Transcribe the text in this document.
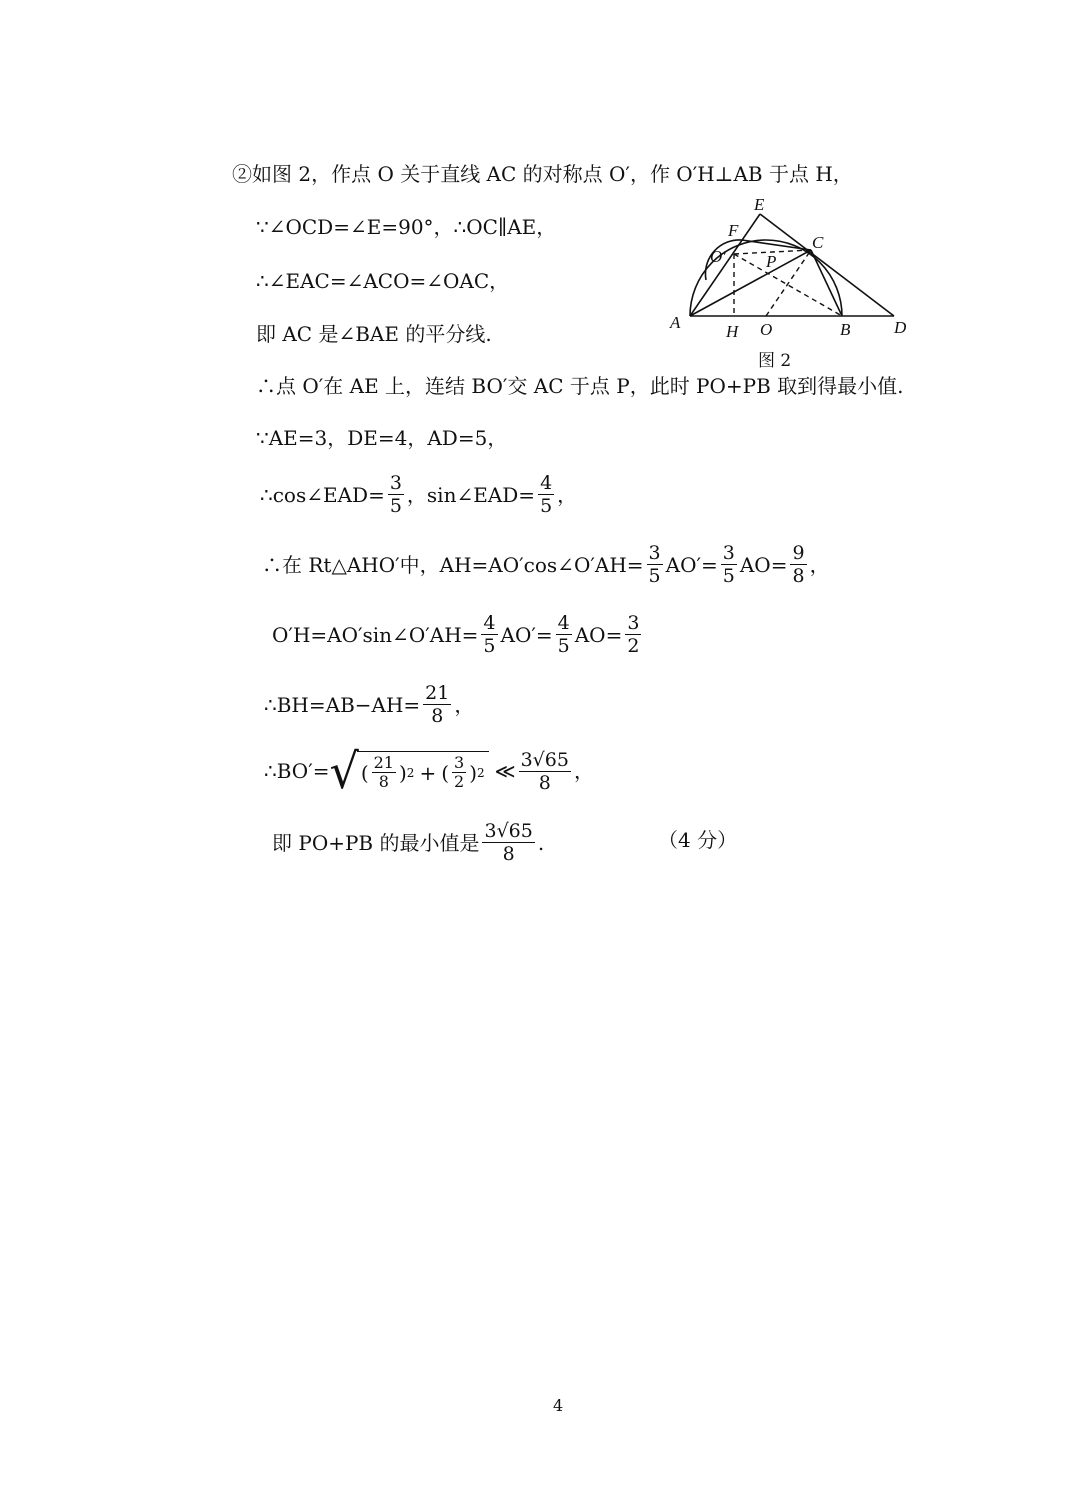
②如图 2，作点 O 关于直线 AC 的对称点 O′，作 O′H⊥AB 于点 H，
∵∠OCD=∠E=90°，∴OC∥AE，
∴∠EAC=∠ACO=∠OAC，
即 AC 是∠BAE 的平分线.	A	H O	B	D
E
F
C
O′ P
图 2
∴点 O′在 AE 上，连结 BO′交 AC 于点 P，此时 PO+PB 取到得最小值.
∵AE=3，DE=4，AD=5，
∴cos∠EAD= $\frac{3}{5}$ ，sin∠EAD= $\frac{4}{5}$ ，
∴在 Rt△AHO′中，AH=AO′cos∠O′AH= $\frac{3}{5} AO'= \frac{3}{5} AO= \frac{9}{8}$ ，
O′H=AO′sin∠O′AH= $\frac{4}{5} AO'= \frac{4}{5} AO= \frac{3}{2}$
∴BH=AB−AH= $\frac{21}{8}$ ，
∴BO′= √ ( $\frac{21}{8}$ ) 2 + ( $\frac{3}{2}$ ) 2 ≪ $\frac{3√65}{8}$ ，
即 PO+PB 的最小值是 $\frac{3√65}{8}$ .	（4 分）
4
